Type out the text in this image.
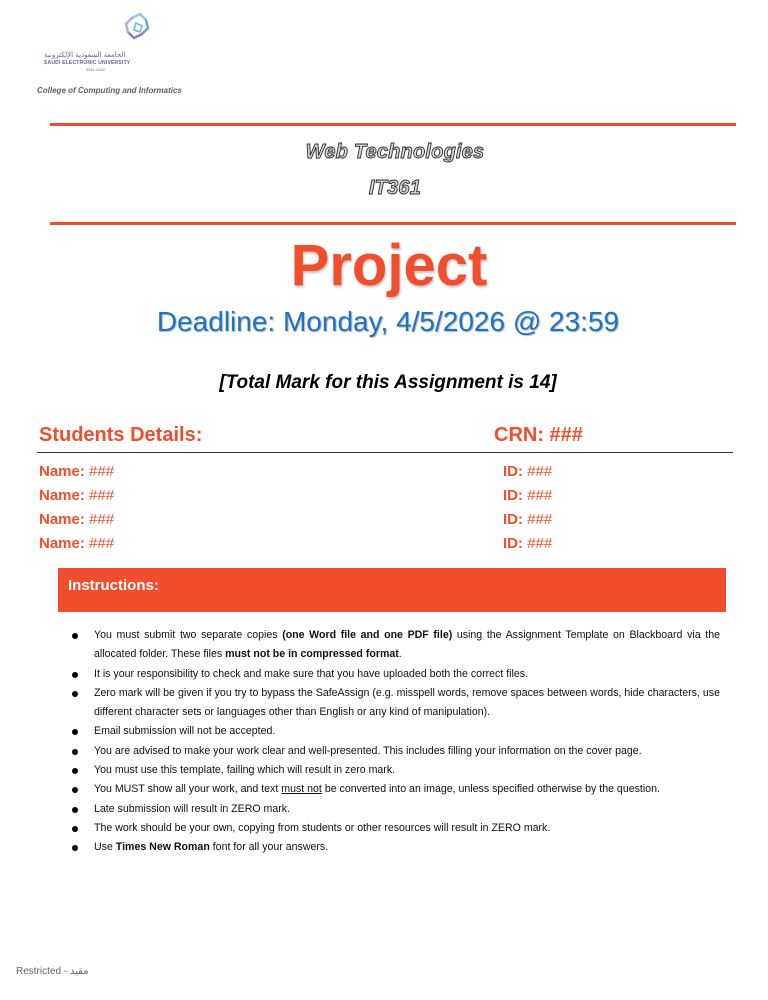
الجامعة السعودية الإلكترونية
SAUDI ELECTRONIC UNIVERSITY
2011-1432
College of Computing and Informatics
Web Technologies
IT361
Project
Deadline: Monday, 4/5/2026 @ 23:59
[Total Mark for this Assignment is 14]
Students Details:	CRN: ###
Name: ###	ID: ###
Name: ###	ID: ###
Name: ###	ID: ###
Name: ###	ID: ###
Instructions:
You must submit two separate copies (one Word file and one PDF file) using the Assignment Template on Blackboard via the allocated folder. These files must not be in compressed format.
It is your responsibility to check and make sure that you have uploaded both the correct files.
Zero mark will be given if you try to bypass the SafeAssign (e.g. misspell words, remove spaces between words, hide characters, use different character sets or languages other than English or any kind of manipulation).
Email submission will not be accepted.
You are advised to make your work clear and well-presented. This includes filling your information on the cover page.
You must use this template, failing which will result in zero mark.
You MUST show all your work, and text must not be converted into an image, unless specified otherwise by the question.
Late submission will result in ZERO mark.
The work should be your own, copying from students or other resources will result in ZERO mark.
Use Times New Roman font for all your answers.
Restricted - مقيد
